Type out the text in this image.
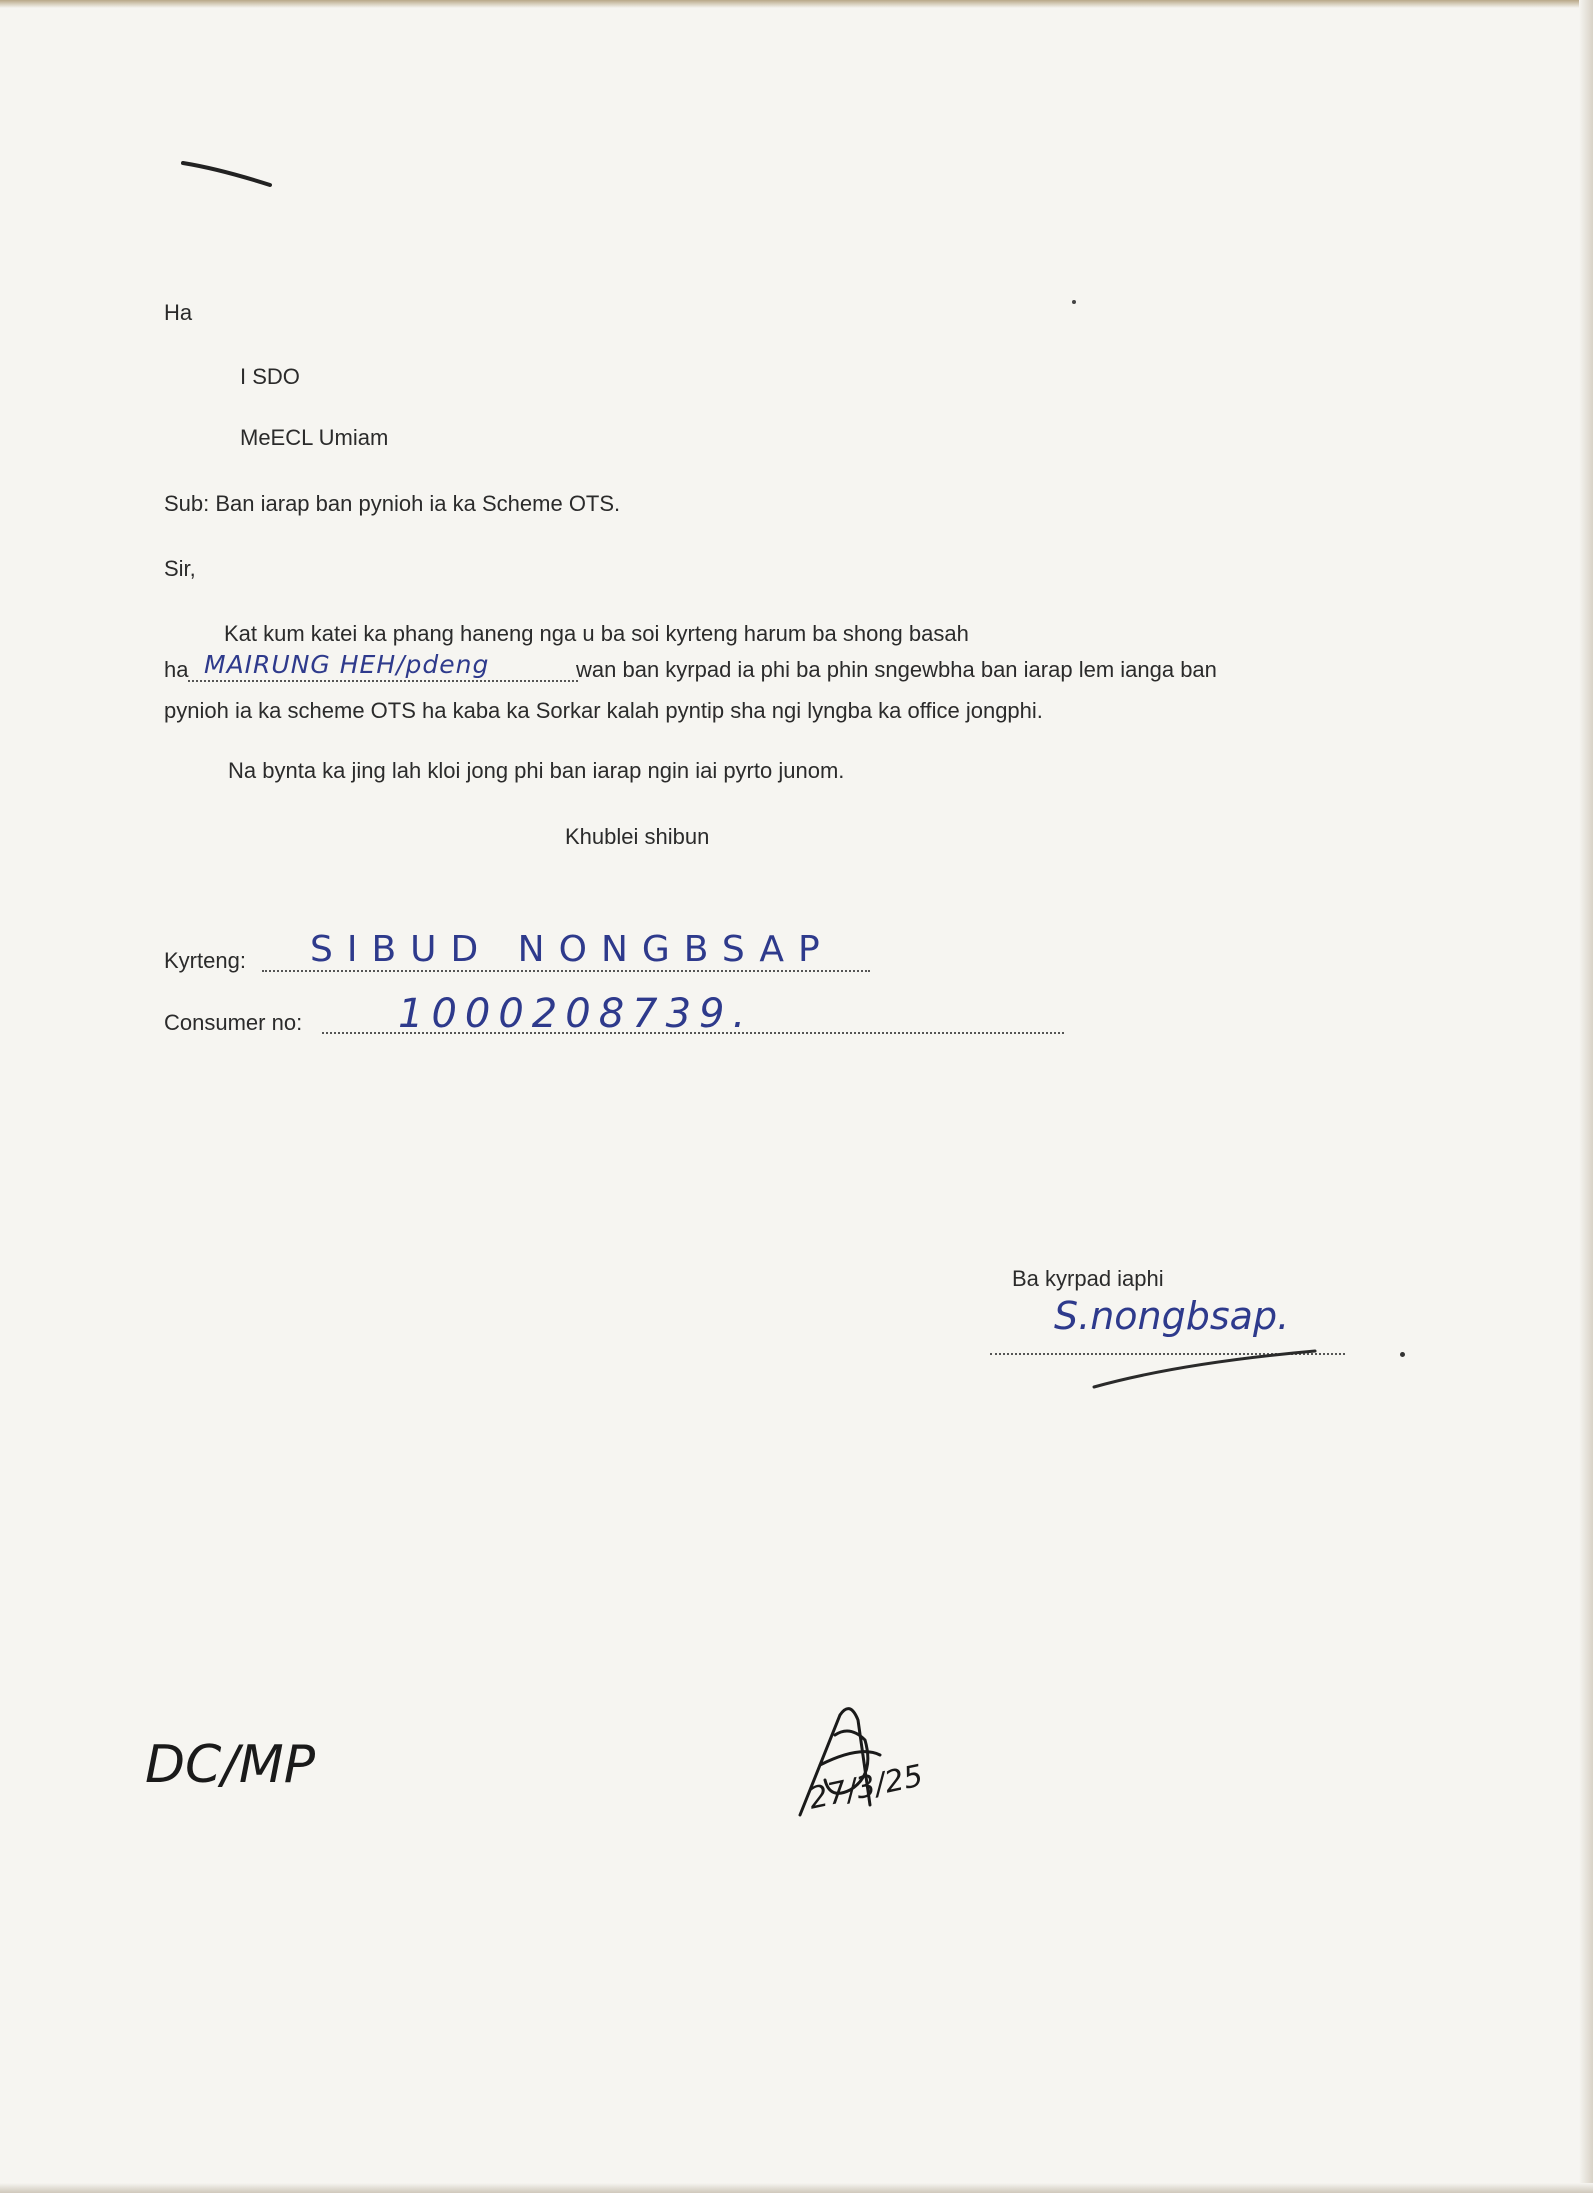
Ha
I SDO
MeECL Umiam
Sub: Ban iarap ban pynioh ia ka Scheme OTS.
Sir,
Kat kum katei ka phang haneng nga u ba soi kyrteng harum ba shong basah
ha MAIRUNG HEH/pdeng	wan ban kyrpad ia phi ba phin sngewbha ban iarap lem ianga ban
pynioh ia ka scheme OTS ha kaba ka Sorkar kalah pyntip sha ngi lyngba ka office jongphi.
Na bynta ka jing lah kloi jong phi ban iarap ngin iai pyrto junom.
Khublei shibun
Kyrteng: SIBUD NONGBSAP
Consumer no: 1000208739.
Ba kyrpad iaphi
S.nongbsap.
DC/MP	27/3/25
